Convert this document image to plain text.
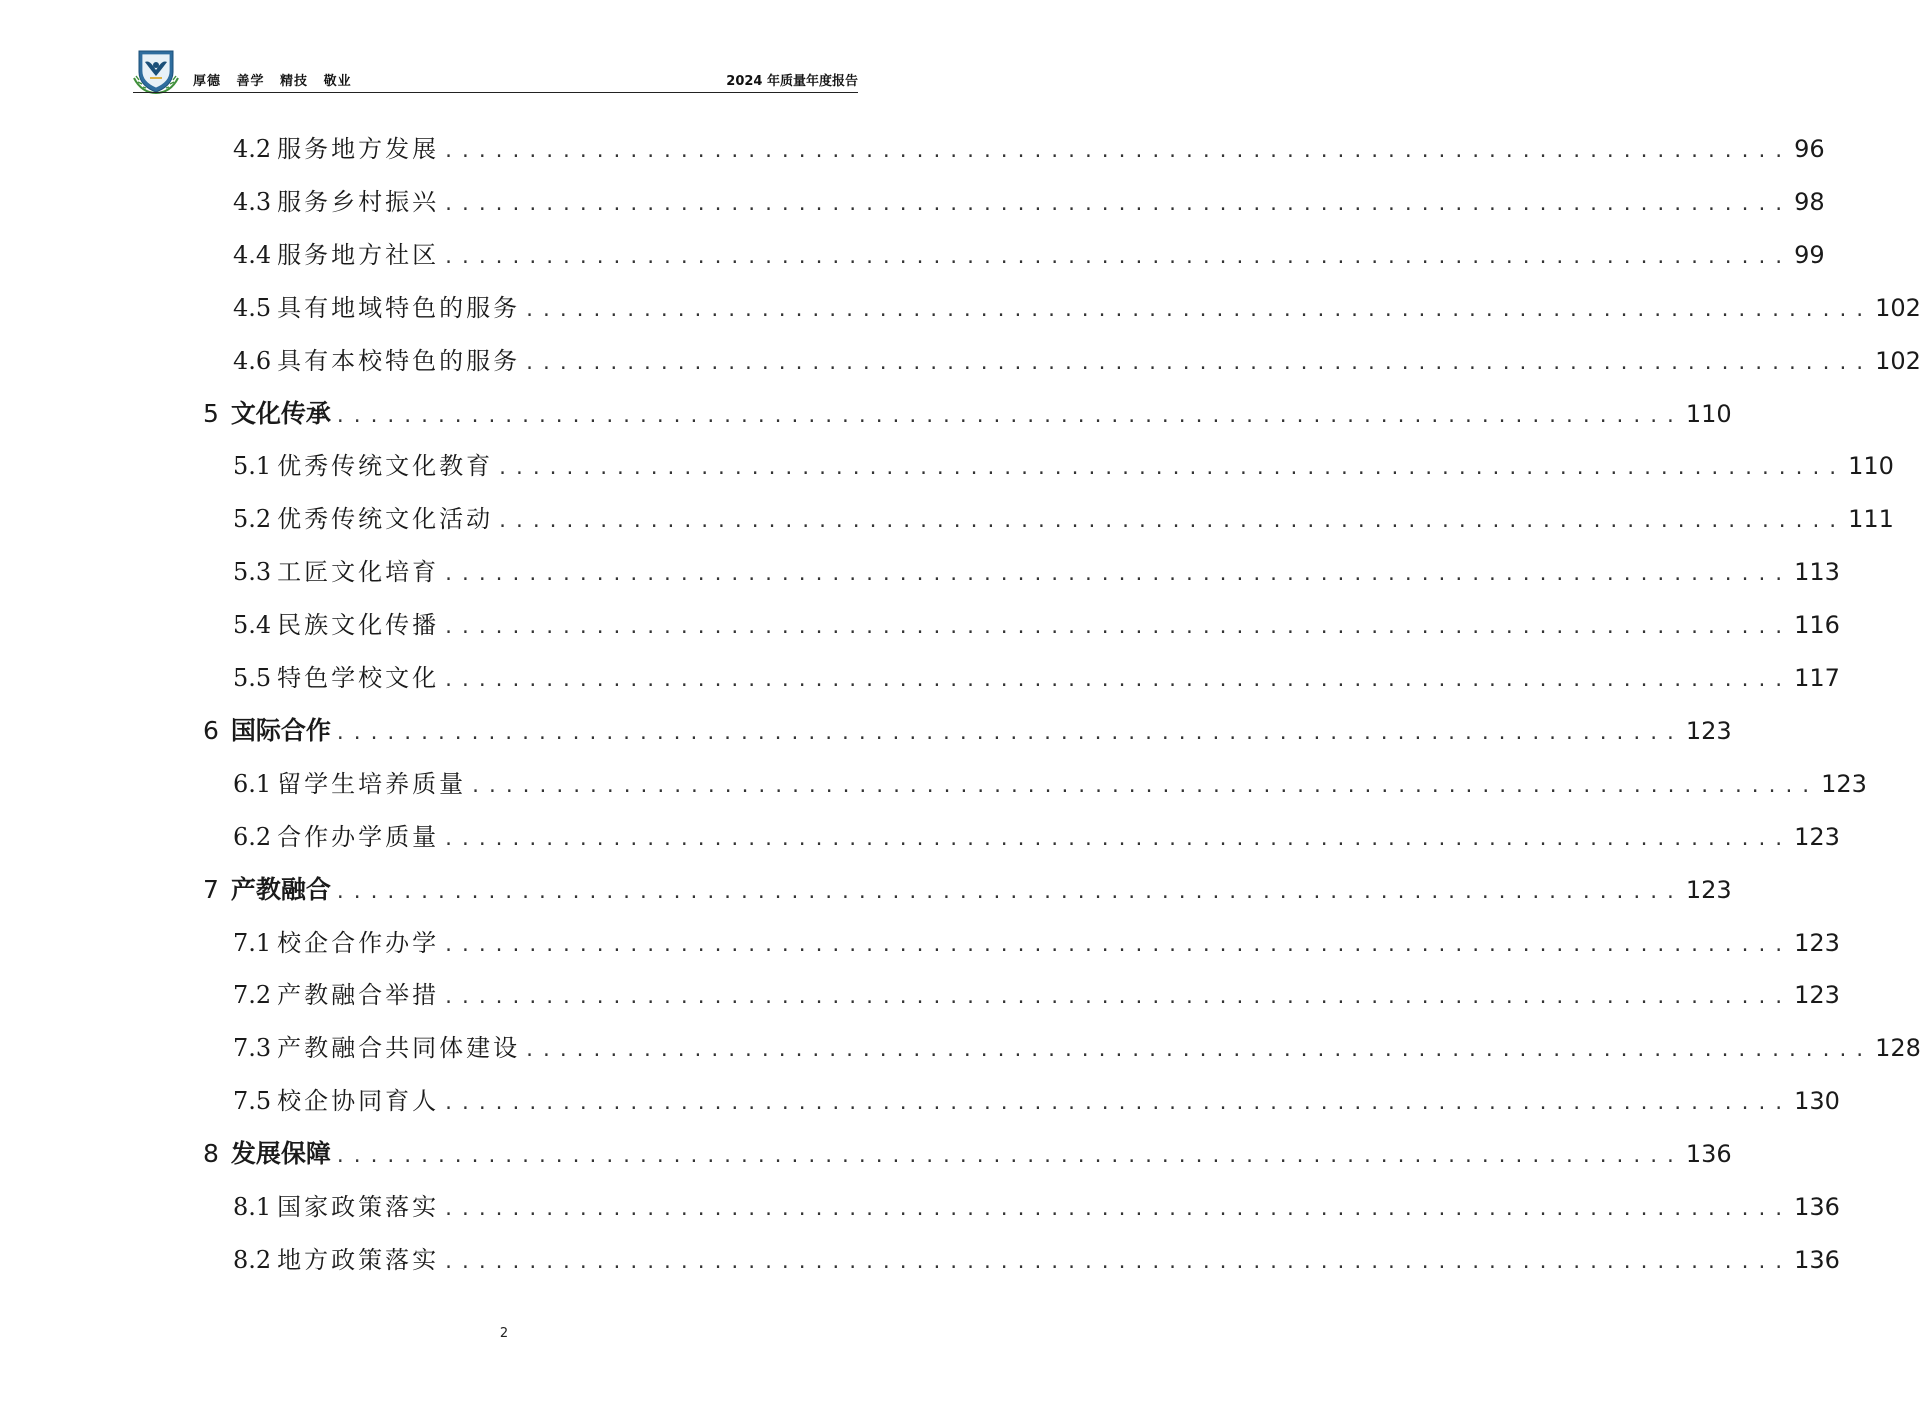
厚德 善学 精技 敬业	2024 年质量年度报告
4.2 服务地方发展 ................................................................................ 96
4.3 服务乡村振兴 ................................................................................ 98
4.4 服务地方社区 ................................................................................ 99
4.5 具有地域特色的服务 ................................................................................ 102
4.6 具有本校特色的服务 ................................................................................ 102
5 文化传承 ................................................................................ 110
5.1 优秀传统文化教育 ................................................................................ 110
5.2 优秀传统文化活动 ................................................................................ 111
5.3 工匠文化培育 ................................................................................ 113
5.4 民族文化传播 ................................................................................ 116
5.5 特色学校文化 ................................................................................ 117
6 国际合作 ................................................................................ 123
6.1 留学生培养质量 ................................................................................ 123
6.2 合作办学质量 ................................................................................ 123
7 产教融合 ................................................................................ 123
7.1 校企合作办学 ................................................................................ 123
7.2 产教融合举措 ................................................................................ 123
7.3 产教融合共同体建设 ................................................................................ 128
7.5 校企协同育人 ................................................................................ 130
8 发展保障 ................................................................................ 136
8.1 国家政策落实 ................................................................................ 136
8.2 地方政策落实 ................................................................................ 136
2
